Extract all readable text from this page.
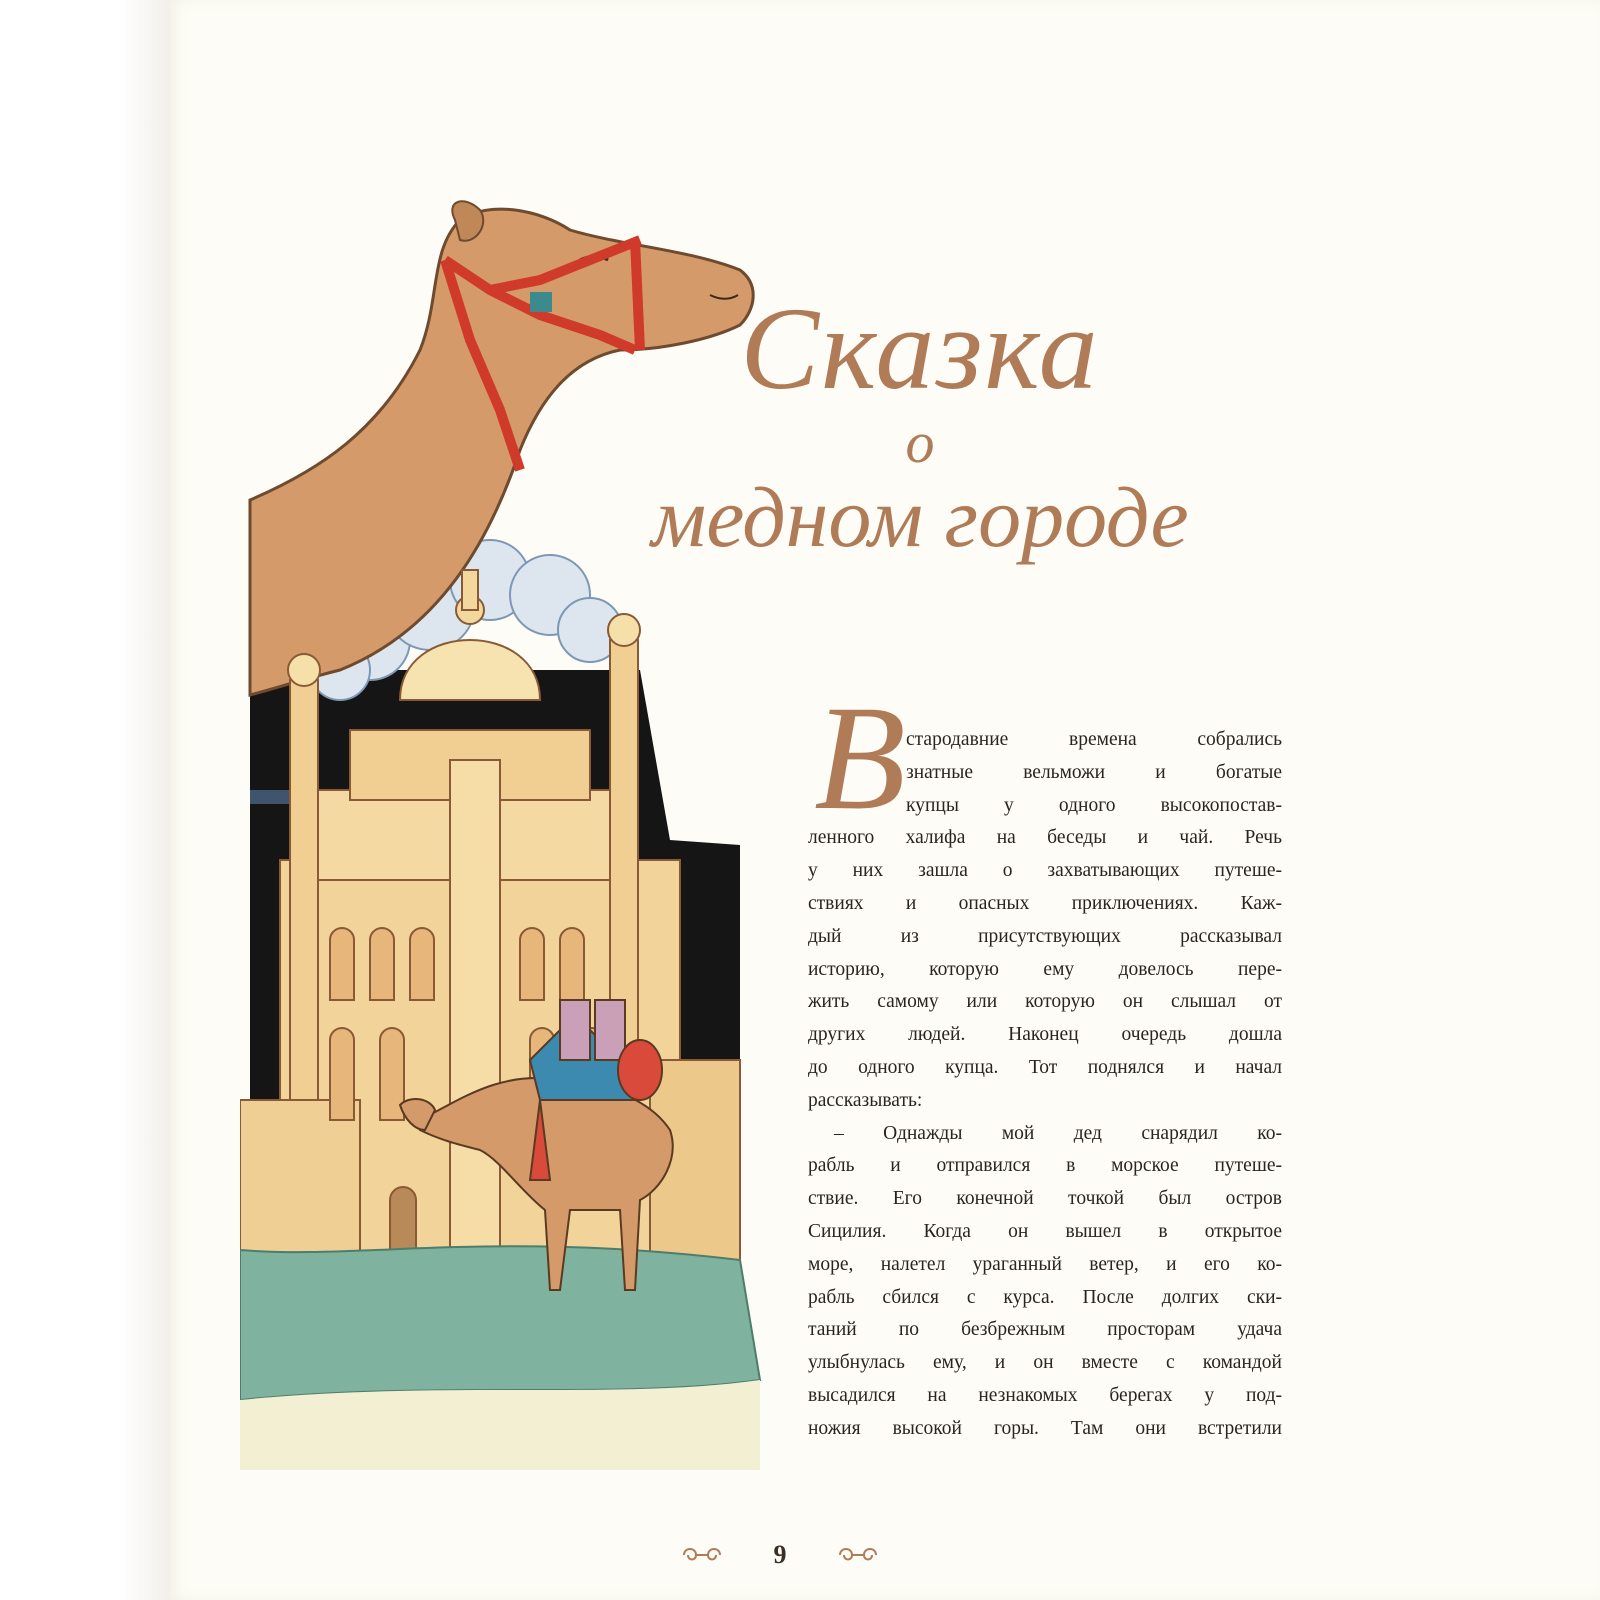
Сказка
о
медном городе
В стародавние времена собрались
знатные вельможи и богатые
купцы у одного высокопостав-
ленного халифа на беседы и чай. Речь
у них зашла о захватывающих путеше-
ствиях и опасных приключениях. Каж-
дый из присутствующих рассказывал
историю, которую ему довелось пере-
жить самому или которую он слышал от
других людей. Наконец очередь дошла
до одного купца. Тот поднялся и начал
рассказывать:
– Однажды мой дед снарядил ко-
рабль и отправился в морское путеше-
ствие. Его конечной точкой был остров
Сицилия. Когда он вышел в открытое
море, налетел ураганный ветер, и его ко-
рабль сбился с курса. После долгих ски-
таний по безбрежным просторам удача
улыбнулась ему, и он вместе с командой
высадился на незнакомых берегах у под-
ножия высокой горы. Там они встретили
9
